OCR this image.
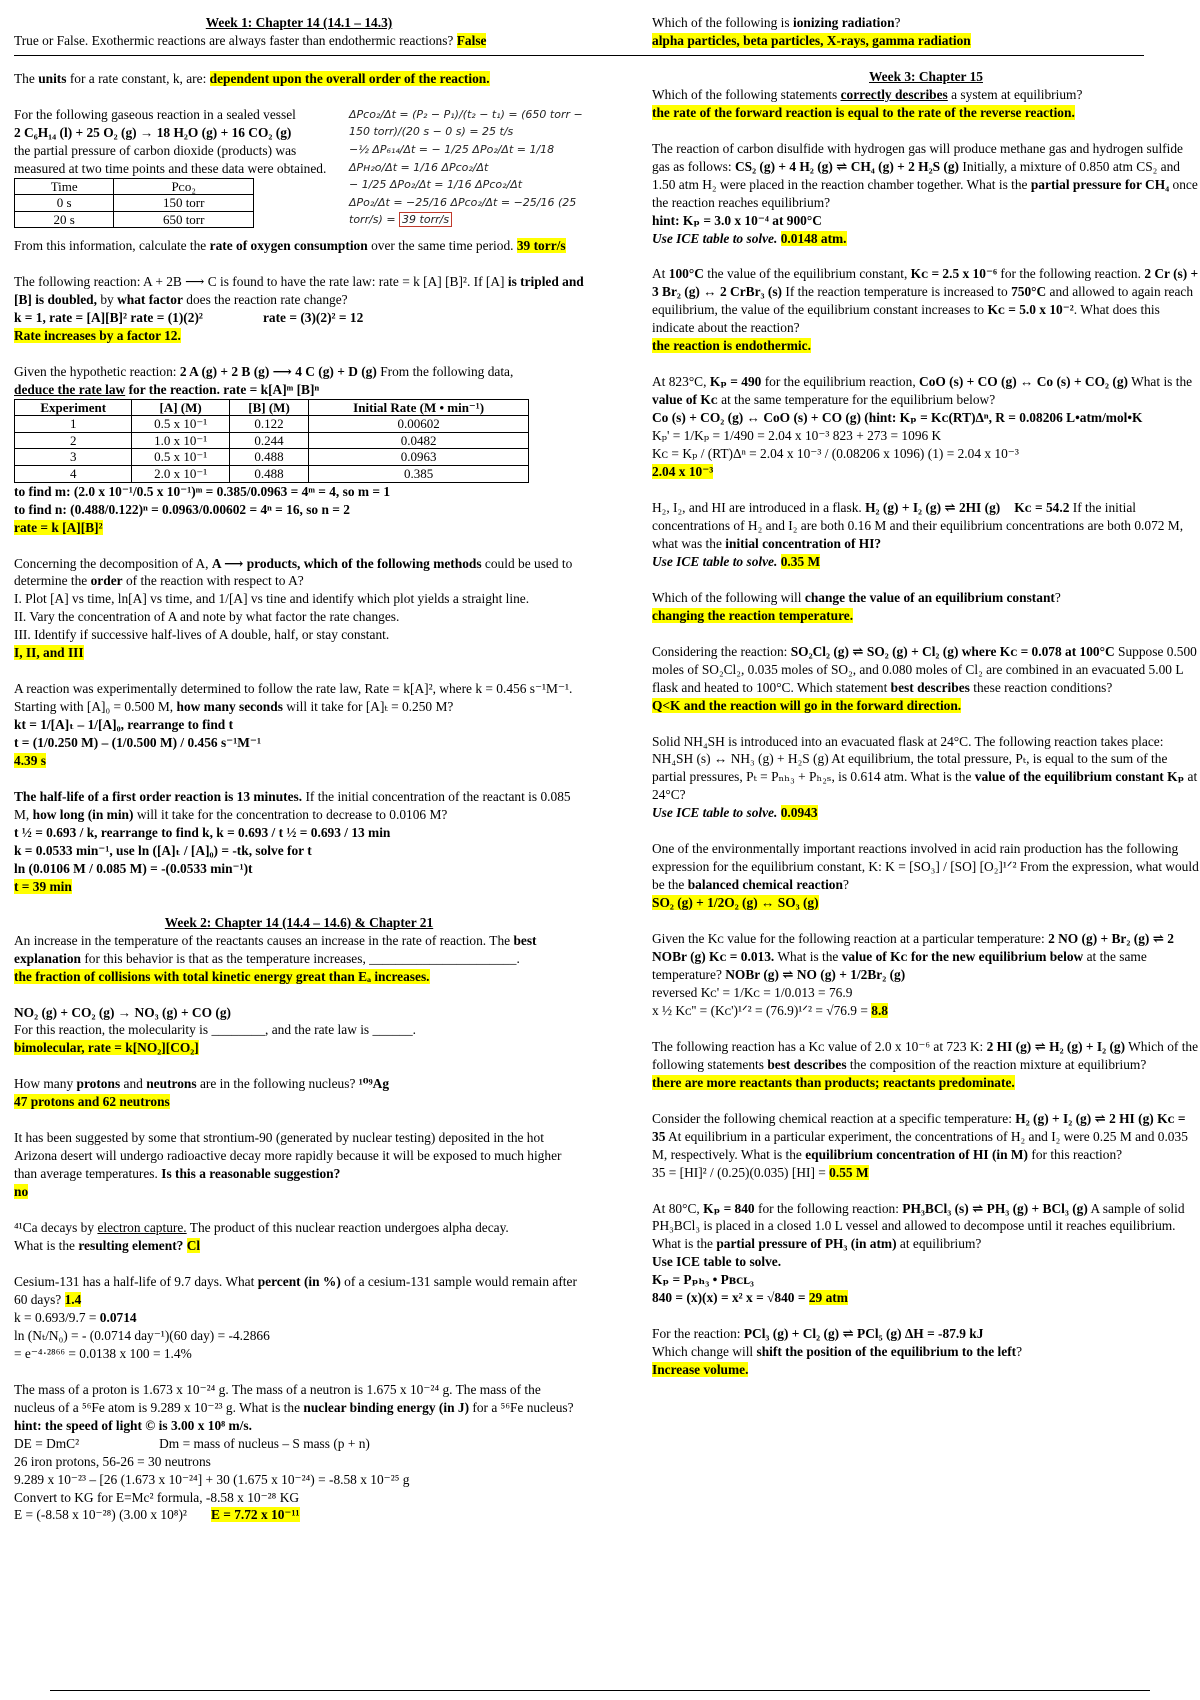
Week 1: Chapter 14 (14.1 – 14.3)

True or False. Exothermic reactions are always faster than endothermic reactions? False

The units for a rate constant, k, are: dependent upon the overall order of the reaction.

For the following gaseous reaction in a sealed vessel

2 C₆H₁₄ (l) + 25 O₂ (g) → 18 H₂O (g) + 16 CO₂ (g)

the partial pressure of carbon dioxide (products) was measured at two time points and these data were obtained.

Time	Pᴄᴏ₂
0 s	150 torr
20 s	650 torr
ΔPᴄᴏ₂/Δt = (P₂ − P₁)/(t₂ − t₁) = (650 torr − 150 torr)/(20 s − 0 s) = 25 t/s
−½ ΔP₆₁₄/Δt = − 1/25 ΔPᴏ₂/Δt = 1/18 ΔPʜ₂ᴏ/Δt = 1/16 ΔPᴄᴏ₂/Δt
− 1/25 ΔPᴏ₂/Δt = 1/16 ΔPᴄᴏ₂/Δt
ΔPᴏ₂/Δt = −25/16 ΔPᴄᴏ₂/Δt = −25/16 (25 torr/s) = 39 torr/s

From this information, calculate the rate of oxygen consumption over the same time period. 39 torr/s

The following reaction: A + 2B ⟶ C is found to have the rate law: rate = k [A] [B]². If [A] is tripled and [B] is doubled, by what factor does the reaction rate change?

k = 1, rate = [A][B]² rate = (1)(2)²	rate = (3)(2)² = 12

Rate increases by a factor 12.

Given the hypothetic reaction: 2 A (g) + 2 B (g) ⟶ 4 C (g) + D (g) From the following data,

deduce the rate law for the reaction. rate = k[A]ᵐ [B]ⁿ

Experiment	[A] (M)	[B] (M)	Initial Rate (M • min⁻¹)
1	0.5 x 10⁻¹	0.122	0.00602
2	1.0 x 10⁻¹	0.244	0.0482
3	0.5 x 10⁻¹	0.488	0.0963
4	2.0 x 10⁻¹	0.488	0.385

to find m: (2.0 x 10⁻¹/0.5 x 10⁻¹)ᵐ = 0.385/0.0963 = 4ᵐ = 4, so m = 1

to find n: (0.488/0.122)ⁿ = 0.0963/0.00602 = 4ⁿ = 16, so n = 2

rate = k [A][B]²

Concerning the decomposition of A, A ⟶ products, which of the following methods could be used to determine the order of the reaction with respect to A?

I. Plot [A] vs time, ln[A] vs time, and 1/[A] vs tine and identify which plot yields a straight line.

II. Vary the concentration of A and note by what factor the rate changes.

III. Identify if successive half-lives of A double, half, or stay constant.

I, II, and III

A reaction was experimentally determined to follow the rate law, Rate = k[A]², where k = 0.456 s⁻¹M⁻¹. Starting with [A]₀ = 0.500 M, how many seconds will it take for [A]ₜ = 0.250 M?

kt = 1/[A]ₜ – 1/[A]₀, rearrange to find t

t = (1/0.250 M) – (1/0.500 M) / 0.456 s⁻¹M⁻¹

4.39 s

The half-life of a first order reaction is 13 minutes. If the initial concentration of the reactant is 0.085 M, how long (in min) will it take for the concentration to decrease to 0.0106 M?

t ½ = 0.693 / k, rearrange to find k, k = 0.693 / t ½ = 0.693 / 13 min

k = 0.0533 min⁻¹, use ln ([A]ₜ / [A]₀) = -tk, solve for t

ln (0.0106 M / 0.085 M) = -(0.0533 min⁻¹)t

t = 39 min

Week 2: Chapter 14 (14.4 – 14.6) & Chapter 21

An increase in the temperature of the reactants causes an increase in the rate of reaction. The best explanation for this behavior is that as the temperature increases, ______________________.

the fraction of collisions with total kinetic energy great than Eₐ increases.

NO₂ (g) + CO₂ (g) → NO₃ (g) + CO (g)

For this reaction, the molecularity is ________, and the rate law is ______.

bimolecular, rate = k[NO₂][CO₂]

How many protons and neutrons are in the following nucleus? ¹⁰⁹Ag

47 protons and 62 neutrons

It has been suggested by some that strontium-90 (generated by nuclear testing) deposited in the hot Arizona desert will undergo radioactive decay more rapidly because it will be exposed to much higher than average temperatures. Is this a reasonable suggestion?

no

⁴¹Ca decays by electron capture. The product of this nuclear reaction undergoes alpha decay.

What is the resulting element? Cl

Cesium-131 has a half-life of 9.7 days. What percent (in %) of a cesium-131 sample would remain after 60 days? 1.4

k = 0.693/9.7 = 0.0714

ln (Nₜ/N₀) = - (0.0714 day⁻¹)(60 day) = -4.2866

= e⁻⁴·²⁸⁶⁶ = 0.0138 x 100 = 1.4%

The mass of a proton is 1.673 x 10⁻²⁴ g. The mass of a neutron is 1.675 x 10⁻²⁴ g. The mass of the nucleus of a ⁵⁶Fe atom is 9.289 x 10⁻²³ g. What is the nuclear binding energy (in J) for a ⁵⁶Fe nucleus? hint: the speed of light © is 3.00 x 10⁸ m/s.

DE = DmC²	Dm = mass of nucleus – S mass (p + n)

26 iron protons, 56-26 = 30 neutrons

9.289 x 10⁻²³ – [26 (1.673 x 10⁻²⁴] + 30 (1.675 x 10⁻²⁴) = -8.58 x 10⁻²⁵ g

Convert to KG for E=Mc² formula, -8.58 x 10⁻²⁸ KG

E = (-8.58 x 10⁻²⁸) (3.00 x 10⁸)² E = 7.72 x 10⁻¹¹

Which of the following is ionizing radiation?

alpha particles, beta particles, X-rays, gamma radiation

Week 3: Chapter 15

Which of the following statements correctly describes a system at equilibrium?

the rate of the forward reaction is equal to the rate of the reverse reaction.

The reaction of carbon disulfide with hydrogen gas will produce methane gas and hydrogen sulfide gas as follows: CS₂ (g) + 4 H₂ (g) ⇌ CH₄ (g) + 2 H₂S (g) Initially, a mixture of 0.850 atm CS₂ and 1.50 atm H₂ were placed in the reaction chamber together. What is the partial pressure for CH₄ once the reaction reaches equilibrium?

hint: Kₚ = 3.0 x 10⁻⁴ at 900°C

Use ICE table to solve. 0.0148 atm.

At 100°C the value of the equilibrium constant, Kᴄ = 2.5 x 10⁻⁶ for the following reaction. 2 Cr (s) + 3 Br₂ (g) ↔ 2 CrBr₃ (s) If the reaction temperature is increased to 750°C and allowed to again reach equilibrium, the value of the equilibrium constant increases to Kᴄ = 5.0 x 10⁻². What does this indicate about the reaction?

the reaction is endothermic.

At 823°C, Kₚ = 490 for the equilibrium reaction, CoO (s) + CO (g) ↔ Co (s) + CO₂ (g) What is the value of Kᴄ at the same temperature for the equilibrium below?

Co (s) + CO₂ (g) ↔ CoO (s) + CO (g) (hint: Kₚ = Kᴄ(RT)Δⁿ, R = 0.08206 L•atm/mol•K

Kₚ' = 1/Kₚ = 1/490 = 2.04 x 10⁻³ 823 + 273 = 1096 K

Kᴄ = Kₚ / (RT)Δⁿ = 2.04 x 10⁻³ / (0.08206 x 1096) (1) = 2.04 x 10⁻³

2.04 x 10⁻³

H₂, I₂, and HI are introduced in a flask. H₂ (g) + I₂ (g) ⇌ 2HI (g) Kᴄ = 54.2 If the initial concentrations of H₂ and I₂ are both 0.16 M and their equilibrium concentrations are both 0.072 M, what was the initial concentration of HI?

Use ICE table to solve. 0.35 M

Which of the following will change the value of an equilibrium constant?

changing the reaction temperature.

Considering the reaction: SO₂Cl₂ (g) ⇌ SO₂ (g) + Cl₂ (g) where Kᴄ = 0.078 at 100°C Suppose 0.500 moles of SO₂Cl₂, 0.035 moles of SO₂, and 0.080 moles of Cl₂ are combined in an evacuated 5.00 L flask and heated to 100°C. Which statement best describes these reaction conditions?

Q<K and the reaction will go in the forward direction.

Solid NH₄SH is introduced into an evacuated flask at 24°C. The following reaction takes place: NH₄SH (s) ↔ NH₃ (g) + H₂S (g) At equilibrium, the total pressure, Pₜ, is equal to the sum of the partial pressures, Pₜ = Pₙₕ₃ + Pₕ₂ₛ, is 0.614 atm. What is the value of the equilibrium constant Kₚ at 24°C?

Use ICE table to solve. 0.0943

One of the environmentally important reactions involved in acid rain production has the following expression for the equilibrium constant, K: K = [SO₃] / [SO] [O₂]¹ᐟ² From the expression, what would be the balanced chemical reaction?

SO₂ (g) + 1/2O₂ (g) ↔ SO₃ (g)

Given the Kᴄ value for the following reaction at a particular temperature: 2 NO (g) + Br₂ (g) ⇌ 2 NOBr (g) Kᴄ = 0.013. What is the value of Kᴄ for the new equilibrium below at the same temperature? NOBr (g) ⇌ NO (g) + 1/2Br₂ (g)

reversed Kᴄ' = 1/Kᴄ = 1/0.013 = 76.9

x ½ Kᴄ'' = (Kᴄ')¹ᐟ² = (76.9)¹ᐟ² = √76.9 = 8.8

The following reaction has a Kᴄ value of 2.0 x 10⁻⁶ at 723 K: 2 HI (g) ⇌ H₂ (g) + I₂ (g) Which of the following statements best describes the composition of the reaction mixture at equilibrium?

there are more reactants than products; reactants predominate.

Consider the following chemical reaction at a specific temperature: H₂ (g) + I₂ (g) ⇌ 2 HI (g) Kᴄ = 35 At equilibrium in a particular experiment, the concentrations of H₂ and I₂ were 0.25 M and 0.035 M, respectively. What is the equilibrium concentration of HI (in M) for this reaction?

35 = [HI]² / (0.25)(0.035) [HI] = 0.55 M

At 80°C, Kₚ = 840 for the following reaction: PH₃BCl₃ (s) ⇌ PH₃ (g) + BCl₃ (g) A sample of solid PH₃BCl₃ is placed in a closed 1.0 L vessel and allowed to decompose until it reaches equilibrium. What is the partial pressure of PH₃ (in atm) at equilibrium?

Use ICE table to solve.

Kₚ = Pₚₕ₃ • Pʙᴄʟ₃

840 = (x)(x) = x² x = √840 = 29 atm

For the reaction: PCl₃ (g) + Cl₂ (g) ⇌ PCl₅ (g) ΔH = -87.9 kJ

Which change will shift the position of the equilibrium to the left?

Increase volume.
